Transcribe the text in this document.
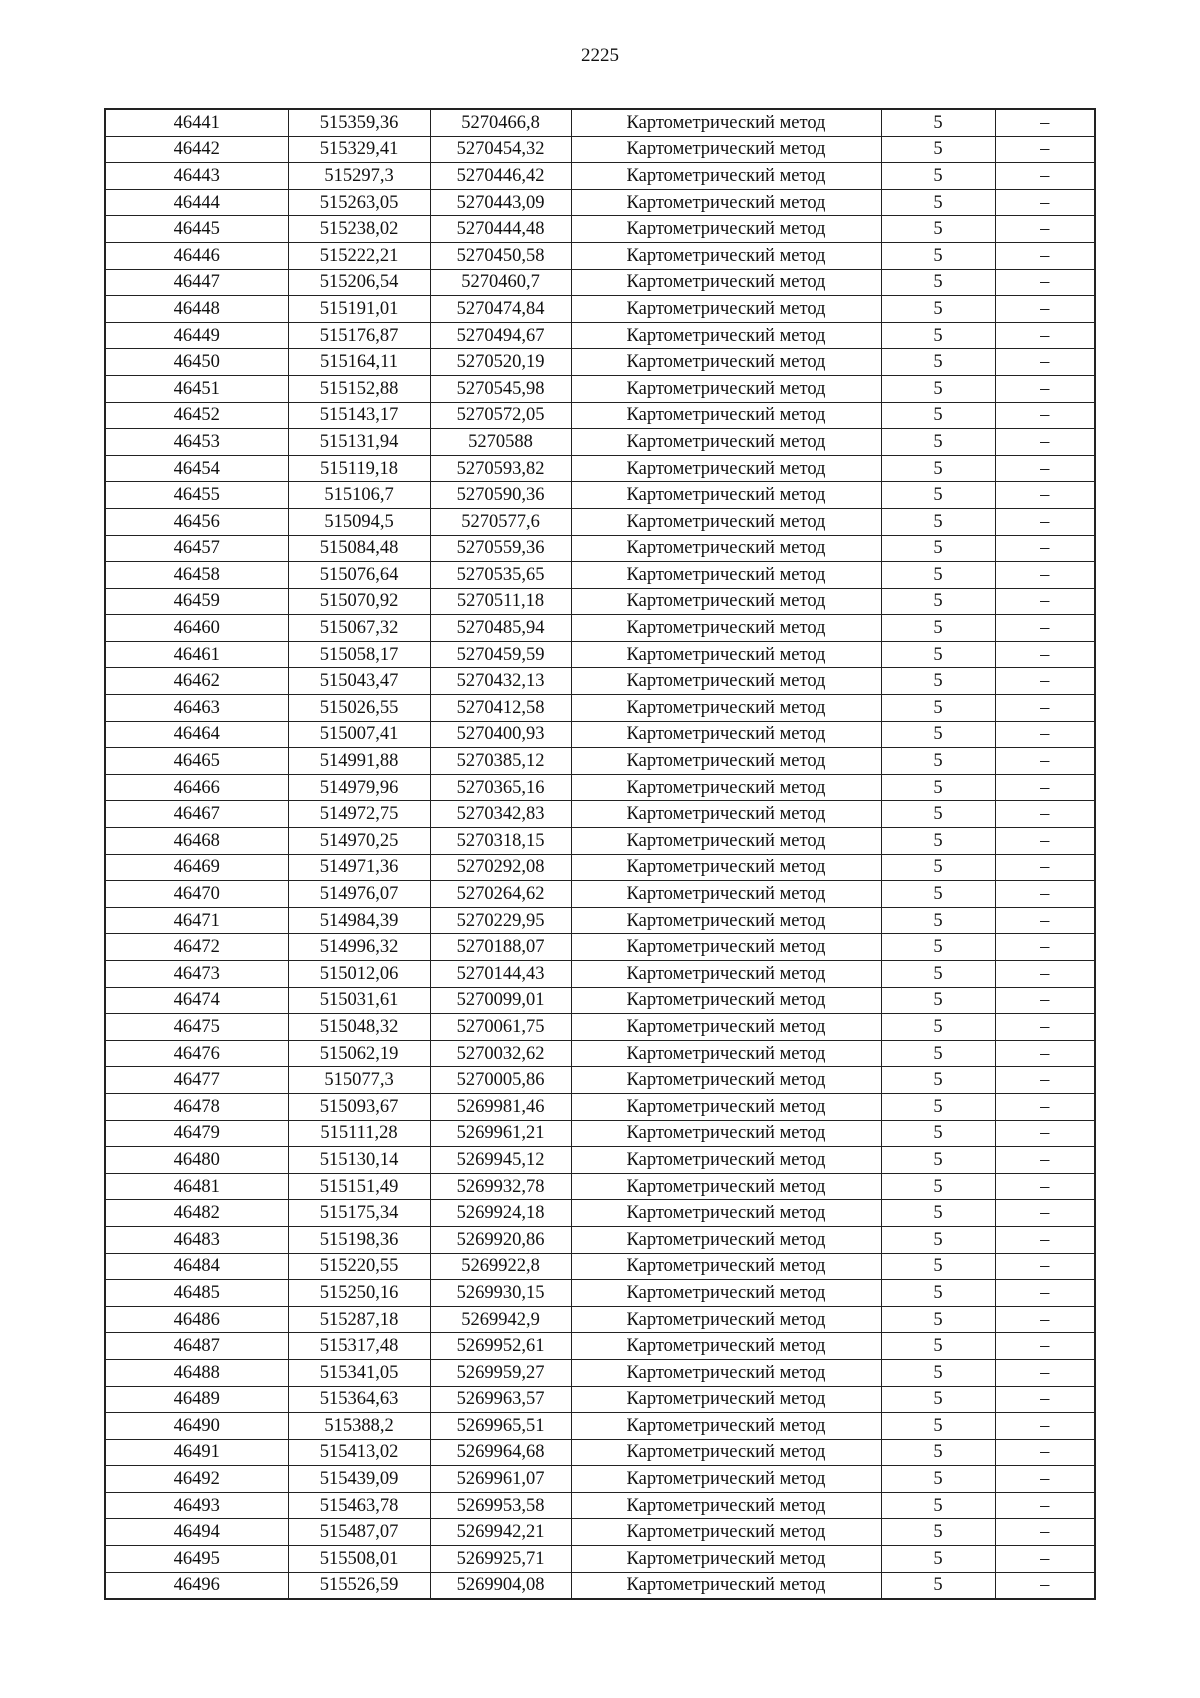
2225
46441	515359,36	5270466,8	Картометрический метод	5	–
46442	515329,41	5270454,32	Картометрический метод	5	–
46443	515297,3	5270446,42	Картометрический метод	5	–
46444	515263,05	5270443,09	Картометрический метод	5	–
46445	515238,02	5270444,48	Картометрический метод	5	–
46446	515222,21	5270450,58	Картометрический метод	5	–
46447	515206,54	5270460,7	Картометрический метод	5	–
46448	515191,01	5270474,84	Картометрический метод	5	–
46449	515176,87	5270494,67	Картометрический метод	5	–
46450	515164,11	5270520,19	Картометрический метод	5	–
46451	515152,88	5270545,98	Картометрический метод	5	–
46452	515143,17	5270572,05	Картометрический метод	5	–
46453	515131,94	5270588	Картометрический метод	5	–
46454	515119,18	5270593,82	Картометрический метод	5	–
46455	515106,7	5270590,36	Картометрический метод	5	–
46456	515094,5	5270577,6	Картометрический метод	5	–
46457	515084,48	5270559,36	Картометрический метод	5	–
46458	515076,64	5270535,65	Картометрический метод	5	–
46459	515070,92	5270511,18	Картометрический метод	5	–
46460	515067,32	5270485,94	Картометрический метод	5	–
46461	515058,17	5270459,59	Картометрический метод	5	–
46462	515043,47	5270432,13	Картометрический метод	5	–
46463	515026,55	5270412,58	Картометрический метод	5	–
46464	515007,41	5270400,93	Картометрический метод	5	–
46465	514991,88	5270385,12	Картометрический метод	5	–
46466	514979,96	5270365,16	Картометрический метод	5	–
46467	514972,75	5270342,83	Картометрический метод	5	–
46468	514970,25	5270318,15	Картометрический метод	5	–
46469	514971,36	5270292,08	Картометрический метод	5	–
46470	514976,07	5270264,62	Картометрический метод	5	–
46471	514984,39	5270229,95	Картометрический метод	5	–
46472	514996,32	5270188,07	Картометрический метод	5	–
46473	515012,06	5270144,43	Картометрический метод	5	–
46474	515031,61	5270099,01	Картометрический метод	5	–
46475	515048,32	5270061,75	Картометрический метод	5	–
46476	515062,19	5270032,62	Картометрический метод	5	–
46477	515077,3	5270005,86	Картометрический метод	5	–
46478	515093,67	5269981,46	Картометрический метод	5	–
46479	515111,28	5269961,21	Картометрический метод	5	–
46480	515130,14	5269945,12	Картометрический метод	5	–
46481	515151,49	5269932,78	Картометрический метод	5	–
46482	515175,34	5269924,18	Картометрический метод	5	–
46483	515198,36	5269920,86	Картометрический метод	5	–
46484	515220,55	5269922,8	Картометрический метод	5	–
46485	515250,16	5269930,15	Картометрический метод	5	–
46486	515287,18	5269942,9	Картометрический метод	5	–
46487	515317,48	5269952,61	Картометрический метод	5	–
46488	515341,05	5269959,27	Картометрический метод	5	–
46489	515364,63	5269963,57	Картометрический метод	5	–
46490	515388,2	5269965,51	Картометрический метод	5	–
46491	515413,02	5269964,68	Картометрический метод	5	–
46492	515439,09	5269961,07	Картометрический метод	5	–
46493	515463,78	5269953,58	Картометрический метод	5	–
46494	515487,07	5269942,21	Картометрический метод	5	–
46495	515508,01	5269925,71	Картометрический метод	5	–
46496	515526,59	5269904,08	Картометрический метод	5	–
